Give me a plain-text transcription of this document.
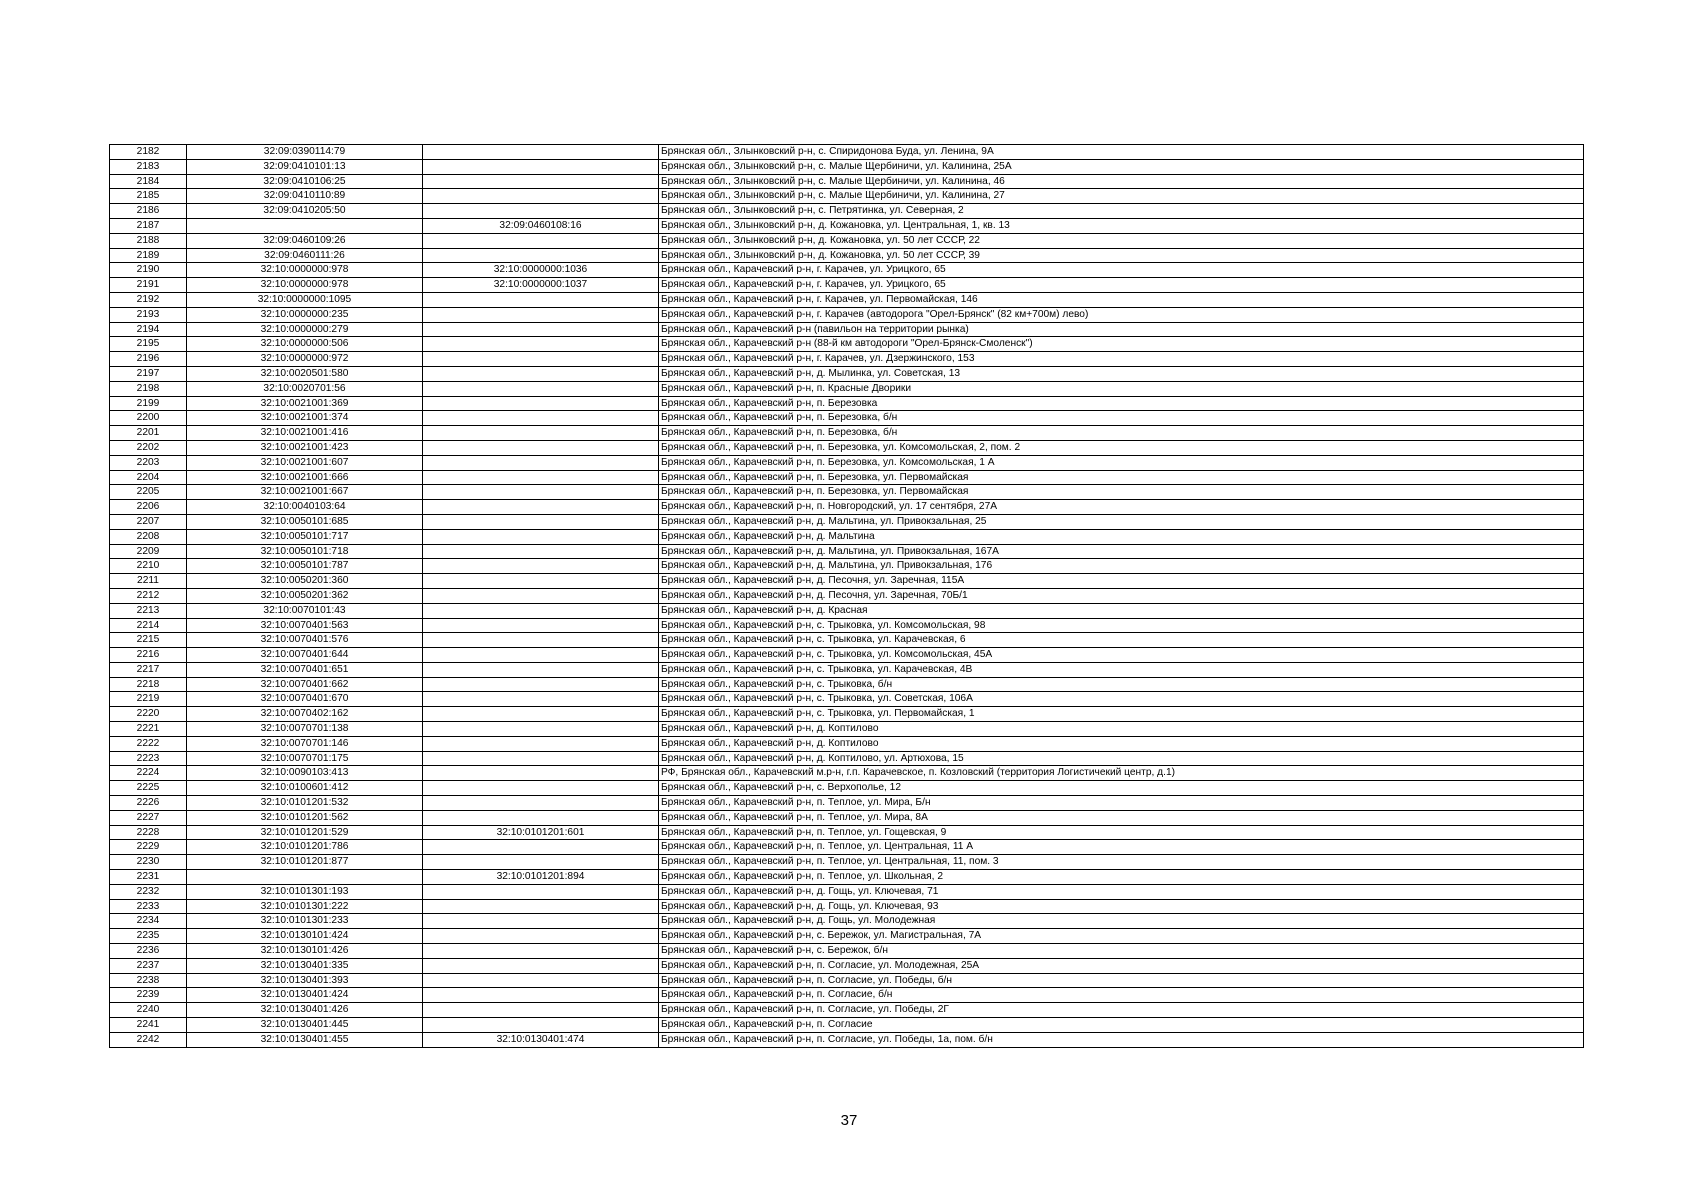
2182	32:09:0390114:79		Брянская обл., Злынковский р-н, с. Спиридонова Буда, ул. Ленина, 9А
2183	32:09:0410101:13		Брянская обл., Злынковский р-н, с. Малые Щербиничи, ул. Калинина, 25А
2184	32:09:0410106:25		Брянская обл., Злынковский р-н, с. Малые Щербиничи, ул. Калинина, 46
2185	32:09:0410110:89		Брянская обл., Злынковский р-н, с. Малые Щербиничи, ул. Калинина, 27
2186	32:09:0410205:50		Брянская обл., Злынковский р-н, с. Петрятинка, ул. Северная, 2
2187		32:09:0460108:16	Брянская обл., Злынковский р-н, д. Кожановка, ул. Центральная, 1, кв. 13
2188	32:09:0460109:26		Брянская обл., Злынковский р-н, д. Кожановка, ул. 50 лет СССР, 22
2189	32:09:0460111:26		Брянская обл., Злынковский р-н, д. Кожановка, ул. 50 лет СССР, 39
2190	32:10:0000000:978	32:10:0000000:1036	Брянская обл., Карачевский р-н, г. Карачев, ул. Урицкого, 65
2191	32:10:0000000:978	32:10:0000000:1037	Брянская обл., Карачевский р-н, г. Карачев, ул. Урицкого, 65
2192	32:10:0000000:1095		Брянская обл., Карачевский р-н, г. Карачев, ул. Первомайская, 146
2193	32:10:0000000:235		Брянская обл., Карачевский р-н, г. Карачев (автодорога "Орел-Брянск" (82 км+700м) лево)
2194	32:10:0000000:279		Брянская обл., Карачевский р-н (павильон на территории рынка)
2195	32:10:0000000:506		Брянская обл., Карачевский р-н (88-й км автодороги "Орел-Брянск-Смоленск")
2196	32:10:0000000:972		Брянская обл., Карачевский р-н, г. Карачев, ул. Дзержинского, 153
2197	32:10:0020501:580		Брянская обл., Карачевский р-н, д. Мылинка, ул. Советская, 13
2198	32:10:0020701:56		Брянская обл., Карачевский р-н, п. Красные Дворики
2199	32:10:0021001:369		Брянская обл., Карачевский р-н, п. Березовка
2200	32:10:0021001:374		Брянская обл., Карачевский р-н, п. Березовка, б/н
2201	32:10:0021001:416		Брянская обл., Карачевский р-н, п. Березовка, б/н
2202	32:10:0021001:423		Брянская обл., Карачевский р-н, п. Березовка, ул. Комсомольская, 2, пом. 2
2203	32:10:0021001:607		Брянская обл., Карачевский р-н, п. Березовка, ул. Комсомольская, 1 А
2204	32:10:0021001:666		Брянская обл., Карачевский р-н, п. Березовка, ул. Первомайская
2205	32:10:0021001:667		Брянская обл., Карачевский р-н, п. Березовка, ул. Первомайская
2206	32:10:0040103:64		Брянская обл., Карачевский р-н, п. Новгородский, ул. 17 сентября, 27А
2207	32:10:0050101:685		Брянская обл., Карачевский р-н, д. Мальтина, ул. Привокзальная, 25
2208	32:10:0050101:717		Брянская обл., Карачевский р-н, д. Мальтина
2209	32:10:0050101:718		Брянская обл., Карачевский р-н, д. Мальтина, ул. Привокзальная, 167А
2210	32:10:0050101:787		Брянская обл., Карачевский р-н, д. Мальтина, ул. Привокзальная, 176
2211	32:10:0050201:360		Брянская обл., Карачевский р-н, д. Песочня, ул. Заречная, 115А
2212	32:10:0050201:362		Брянская обл., Карачевский р-н, д. Песочня, ул. Заречная, 70Б/1
2213	32:10:0070101:43		Брянская обл., Карачевский р-н, д. Красная
2214	32:10:0070401:563		Брянская обл., Карачевский р-н, с. Трыковка, ул. Комсомольская, 98
2215	32:10:0070401:576		Брянская обл., Карачевский р-н, с. Трыковка, ул. Карачевская, 6
2216	32:10:0070401:644		Брянская обл., Карачевский р-н, с. Трыковка, ул. Комсомольская, 45А
2217	32:10:0070401:651		Брянская обл., Карачевский р-н, с. Трыковка, ул. Карачевская, 4В
2218	32:10:0070401:662		Брянская обл., Карачевский р-н, с. Трыковка, б/н
2219	32:10:0070401:670		Брянская обл., Карачевский р-н, с. Трыковка, ул. Советская, 106А
2220	32:10:0070402:162		Брянская обл., Карачевский р-н, с. Трыковка, ул. Первомайская, 1
2221	32:10:0070701:138		Брянская обл., Карачевский р-н, д. Коптилово
2222	32:10:0070701:146		Брянская обл., Карачевский р-н, д. Коптилово
2223	32:10:0070701:175		Брянская обл., Карачевский р-н, д. Коптилово, ул. Артюхова, 15
2224	32:10:0090103:413		РФ, Брянская обл., Карачевский м.р-н, г.п. Карачевское, п. Козловский (территория Логистичекий центр, д.1)
2225	32:10:0100601:412		Брянская обл., Карачевский р-н, с. Верхополье, 12
2226	32:10:0101201:532		Брянская обл., Карачевский р-н, п. Теплое, ул. Мира, Б/н
2227	32:10:0101201:562		Брянская обл., Карачевский р-н, п. Теплое, ул. Мира, 8А
2228	32:10:0101201:529	32:10:0101201:601	Брянская обл., Карачевский р-н, п. Теплое, ул. Гощевская, 9
2229	32:10:0101201:786		Брянская обл., Карачевский р-н, п. Теплое, ул. Центральная, 11 А
2230	32:10:0101201:877		Брянская обл., Карачевский р-н, п. Теплое, ул. Центральная, 11, пом. 3
2231		32:10:0101201:894	Брянская обл., Карачевский р-н, п. Теплое, ул. Школьная, 2
2232	32:10:0101301:193		Брянская обл., Карачевский р-н, д. Гощь, ул. Ключевая, 71
2233	32:10:0101301:222		Брянская обл., Карачевский р-н, д. Гощь, ул. Ключевая, 93
2234	32:10:0101301:233		Брянская обл., Карачевский р-н, д. Гощь, ул. Молодежная
2235	32:10:0130101:424		Брянская обл., Карачевский р-н, с. Бережок, ул. Магистральная, 7А
2236	32:10:0130101:426		Брянская обл., Карачевский р-н, с. Бережок, б/н
2237	32:10:0130401:335		Брянская обл., Карачевский р-н, п. Согласие, ул. Молодежная, 25А
2238	32:10:0130401:393		Брянская обл., Карачевский р-н, п. Согласие, ул. Победы, б/н
2239	32:10:0130401:424		Брянская обл., Карачевский р-н, п. Согласие, б/н
2240	32:10:0130401:426		Брянская обл., Карачевский р-н, п. Согласие, ул. Победы, 2Г
2241	32:10:0130401:445		Брянская обл., Карачевский р-н, п. Согласие
2242	32:10:0130401:455	32:10:0130401:474	Брянская обл., Карачевский р-н, п. Согласие, ул. Победы, 1а, пом. б/н
37
